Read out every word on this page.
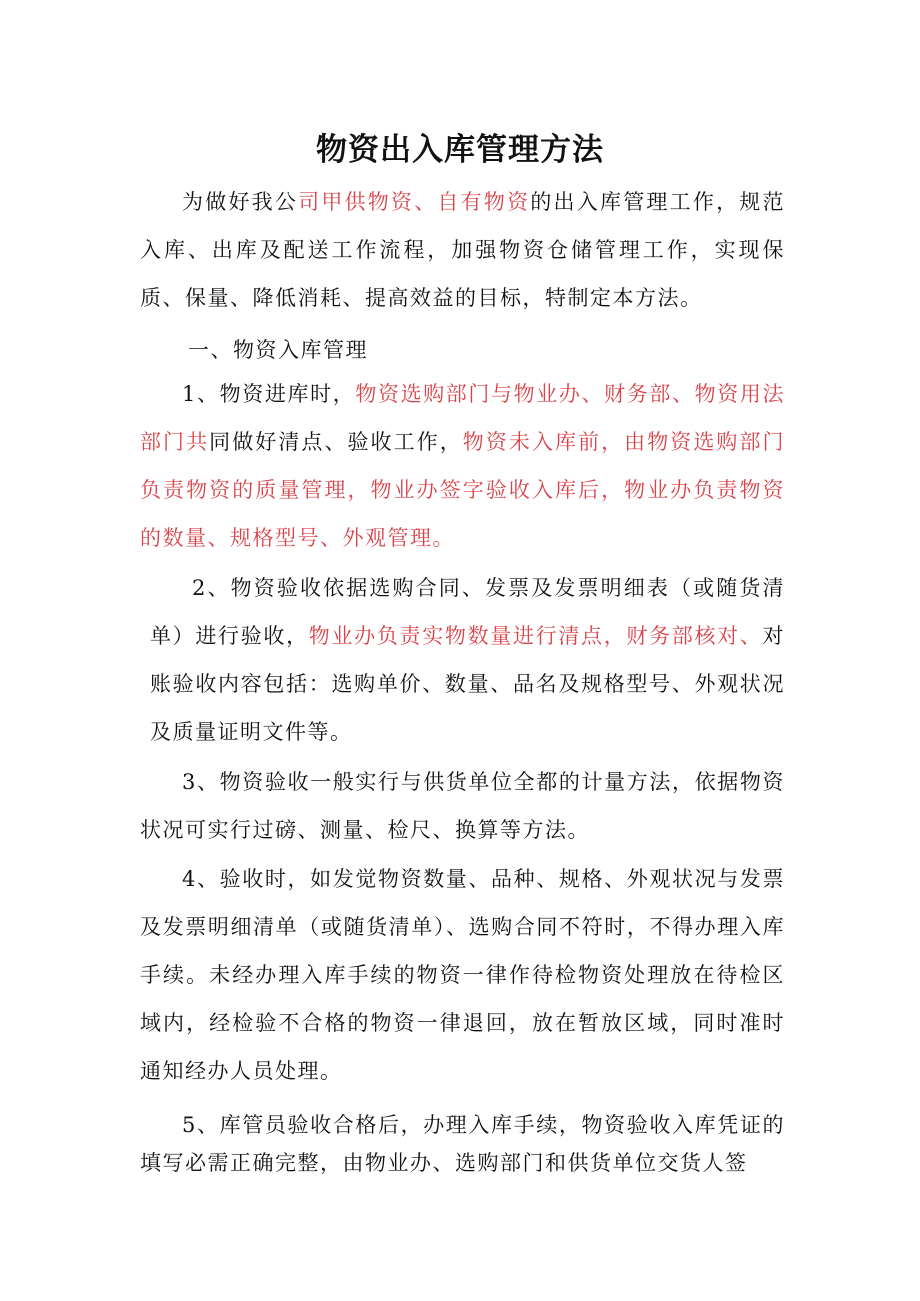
物资出入库管理方法

为做好我公司甲供物资、自有物资的出入库管理工作，规范入库、出库及配送工作流程，加强物资仓储管理工作，实现保质、保量、降低消耗、提高效益的目标，特制定本方法。

一、物资入库管理

1、物资进库时，物资选购部门与物业办、财务部、物资用法部门共同做好清点、验收工作，物资未入库前，由物资选购部门负责物资的质量管理，物业办签字验收入库后，物业办负责物资的数量、规格型号、外观管理。

2、物资验收依据选购合同、发票及发票明细表（或随货清单）进行验收，物业办负责实物数量进行清点，财务部核对、对账验收内容包括：选购单价、数量、品名及规格型号、外观状况及质量证明文件等。

3、物资验收一般实行与供货单位全都的计量方法，依据物资状况可实行过磅、测量、检尺、换算等方法。

4、验收时，如发觉物资数量、品种、规格、外观状况与发票及发票明细清单（或随货清单）、选购合同不符时，不得办理入库手续。未经办理入库手续的物资一律作待检物资处理放在待检区域内，经检验不合格的物资一律退回，放在暂放区域，同时准时通知经办人员处理。

5、库管员验收合格后，办理入库手续，物资验收入库凭证的填写必需正确完整，由物业办、选购部门和供货单位交货人签
